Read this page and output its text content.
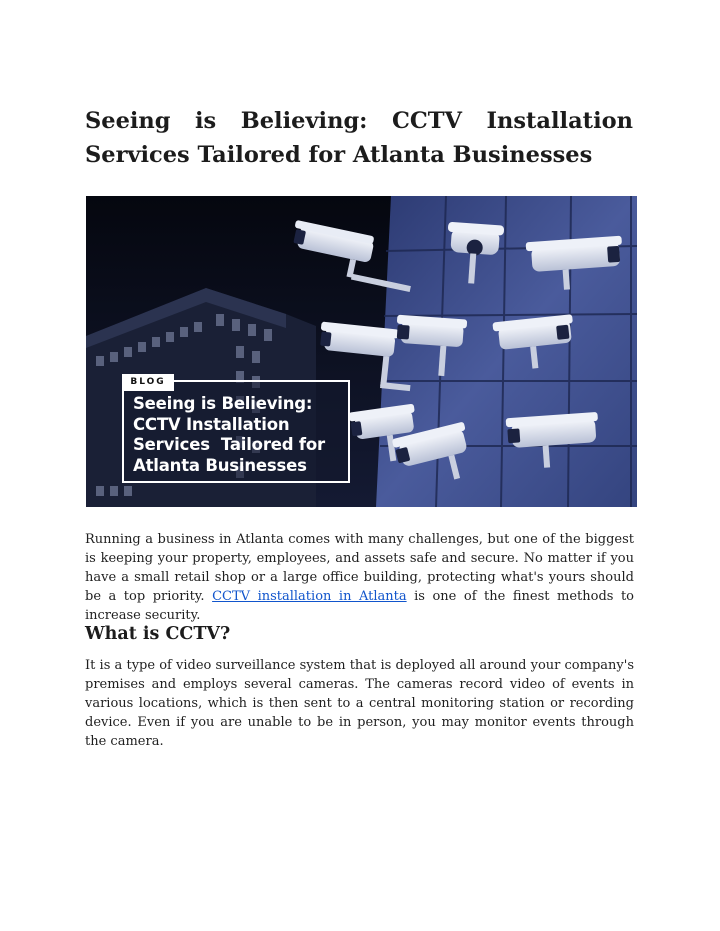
Seeing is Believing: CCTV Installation
Services Tailored for Atlanta Businesses
BLOG
Seeing is Believing:
CCTV Installation
Services  Tailored for
Atlanta Businesses

Running a business in Atlanta comes with many challenges, but one of the biggest is keeping your property, employees, and assets safe and secure. No matter if you have a small retail shop or a large office building, protecting what's yours should be a top priority. CCTV installation in Atlanta is one of the finest methods to increase security.

What is CCTV?

It is a type of video surveillance system that is deployed all around your company's premises and employs several cameras. The cameras record video of events in various locations, which is then sent to a central monitoring station or recording device. Even if you are unable to be in person, you may monitor events through the camera.
